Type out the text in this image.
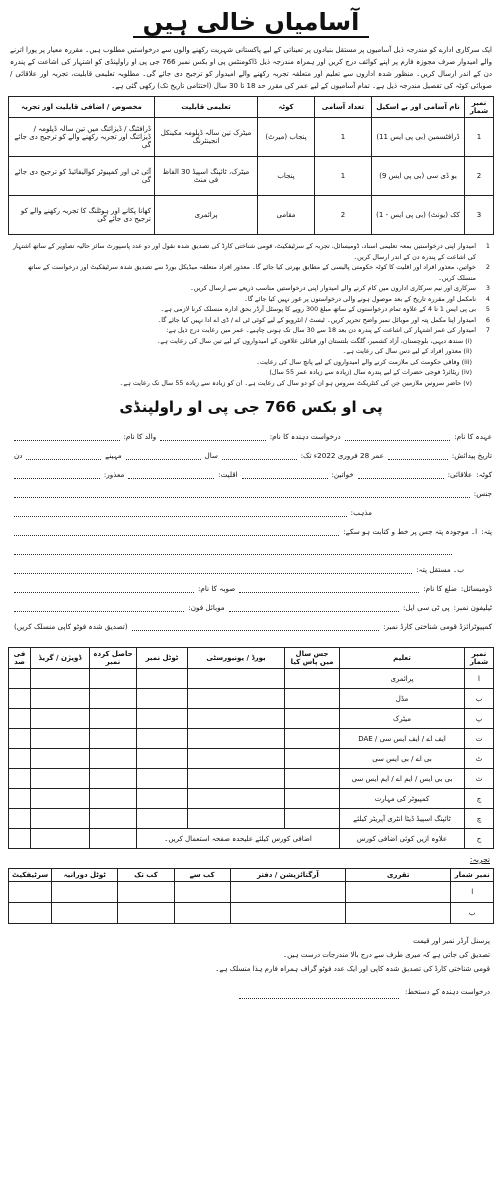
آسامیاں خالی ہیں
ایک سرکاری ادارے کو مندرجہ ذیل آسامیوں پر مستقل بنیادوں پر تعیناتی کے لیے پاکستانی شہریت رکھنے والوں سے درخواستیں مطلوب ہیں۔ مقررہ معیار پر پورا اترنے والے امیدوار صرف مجوزہ فارم پر اپنے کوائف درج کریں اور ہمراہ مندرجہ ذیل ڈاکومنٹس پی او بکس نمبر 766 جی پی او راولپنڈی کو اشتہار کی اشاعت کے پندرہ دن کے اندر ارسال کریں۔ منظور شدہ اداروں سے تعلیم اور متعلقہ تجربہ رکھنے والے امیدوار کو ترجیح دی جائے گی۔ مطلوبہ تعلیمی قابلیت، تجربہ اور علاقائی / صوبائی کوٹہ کی تفصیل مندرجہ ذیل ہے۔ تمام آسامیوں کے لیے عمر کی مقرر حد 18 تا 30 سال (اختتامی تاریخ تک) رکھی گئی ہے۔
نمبر شمار	نام آسامی اور بے اسکیل	تعداد آسامی	کوٹہ	تعلیمی قابلیت	مخصوص / اضافی قابلیت اور تجربہ
1	ڈرافٹسمین (بی پی ایس 11)	1	پنجاب (میرٹ)	میٹرک تین سالہ ڈپلومہ مکینکل انجینئرنگ	ڈرافٹنگ / ڈیزائنگ میں تین سالہ ڈپلومہ / ڈیزائنگ اور تجربہ رکھنے والے کو ترجیح دی جائے گی
2	یو ڈی سی (بی پی ایس 9)	1	پنجاب	میٹرک، ٹائپنگ اسپیڈ 30 الفاظ فی منٹ	آئی ٹی اور کمپیوٹر کوالیفائیڈ کو ترجیح دی جائے گی
3	کک (یونٹ) (بی پی ایس - 1)	2	مقامی	پرائمری	کھانا پکانے اور ہوٹلنگ کا تجربہ رکھنے والے کو ترجیح دی جائے گی
1
امیدوار اپنی درخواستیں بمعہ تعلیمی اسناد، ڈومیسائل، تجربہ کے سرٹیفکیٹ، قومی شناختی کارڈ کی تصدیق شدہ نقول اور دو عدد پاسپورٹ سائز حالیہ تصاویر کے ساتھ اشتہار کی اشاعت کے پندرہ دن کے اندر ارسال کریں۔
2
خواتین، معذور افراد اور اقلیت کا کوٹہ حکومتی پالیسی کے مطابق بھرتی کیا جائے گا۔ معذور افراد متعلقہ میڈیکل بورڈ سے تصدیق شدہ سرٹیفکیٹ اور درخواست کے ساتھ منسلک کریں۔
3
سرکاری اور نیم سرکاری اداروں میں کام کرنے والے امیدوار اپنی درخواستیں مناسب ذریعے سے ارسال کریں۔
4
نامکمل اور مقررہ تاریخ کے بعد موصول ہونے والی درخواستوں پر غور نہیں کیا جائے گا۔
5
بی پی ایس 1 تا 4 کے علاوہ تمام درخواستوں کے ساتھ مبلغ 300 روپے کا پوسٹل آرڈر بحق ادارہ منسلک کرنا لازمی ہے۔
6
امیدوار اپنا مکمل پتہ اور موبائل نمبر واضح تحریر کریں۔ ٹیسٹ / انٹرویو کے لیے کوئی ٹی اے / ڈی اے ادا نہیں کیا جائے گا۔
7
امیدوار کی عمر اشتہار کی اشاعت کے پندرہ دن بعد 18 سے 30 سال تک ہونی چاہیے۔ عمر میں رعایت درج ذیل ہے:
(i) سندھ دیہی، بلوچستان، آزاد کشمیر، گلگت بلتستان اور قبائلی علاقوں کے امیدواروں کے لیے تین سال کی رعایت ہے۔
(ii) معذور افراد کے لیے دس سال کی رعایت ہے۔
(iii) وفاقی حکومت کی ملازمت کرنے والے امیدواروں کے لیے پانچ سال کی رعایت۔
(iv) ریٹائرڈ فوجی حضرات کے لیے پندرہ سال (زیادہ سے زیادہ عمر 55 سال)
(v) حاضر سروس ملازمین جن کی کنٹریکٹ سروس ہو ان کو دو سال کی رعایت ہے۔ ان کو زیادہ سے زیادہ 55 سال تک رعایت ہے۔
پی او بکس 766 جی پی او راولپنڈی
عہدہ کا نام:
درخواست دہندہ کا نام:
والد کا نام:
تاریخ پیدائش:
عمر 28 فروری 2022ء تک:
سال
مہینے
دن
کوٹہ:
علاقائی:
خواتین:
اقلیت:
معذور:
جنس:
مذہب:
پتہ:
ا۔ موجودہ پتہ جس پر خط و کتابت ہو سکے:
ب۔ مستقل پتہ:
ڈومیسائل:
ضلع کا نام:
صوبہ کا نام:
ٹیلیفون نمبر:
پی ٹی سی ایل:
موبائل فون:
کمپیوٹرائزڈ قومی شناختی کارڈ نمبر:
(تصدیق شدہ فوٹو کاپی منسلک کریں)
نمبر شمار	تعلیم	جس سال میں پاس کیا	بورڈ / یونیورسٹی	ٹوٹل نمبر	حاصل کردہ نمبر	ڈویژن / گریڈ	فی صد
ا	پرائمری						
ب	مڈل						
پ	میٹرک						
ت	ایف اے / ایف ایس سی / DAE						
ٹ	بی اے / بی ایس سی						
ث	بی بی ایس / ایم اے / ایم ایس سی						
ج	کمپیوٹر کی مہارت						
چ	ٹائپنگ اسپیڈ ڈیٹا انٹری آپریٹر کیلئے						
ح	علاوہ ازیں کوئی اضافی کورس	اضافی کورس کیلئے علیحدہ صفحہ استعمال کریں۔					
تجربہ:
نمبر شمار	تقرری	آرگنائزیشن / دفتر	کب سے	کب تک	ٹوٹل دورانیہ	سرٹیفکیٹ
ا						
ب						
پرسنل آرڈر نمبر اور قیمت
تصدیق کی جاتی ہے کہ میری طرف سے درج بالا مندرجات درست ہیں۔
قومی شناختی کارڈ کی تصدیق شدہ کاپی اور ایک عدد فوٹو گراف ہمراہ فارم ہذا منسلک ہے۔
درخواست دہندہ کے دستخط:
